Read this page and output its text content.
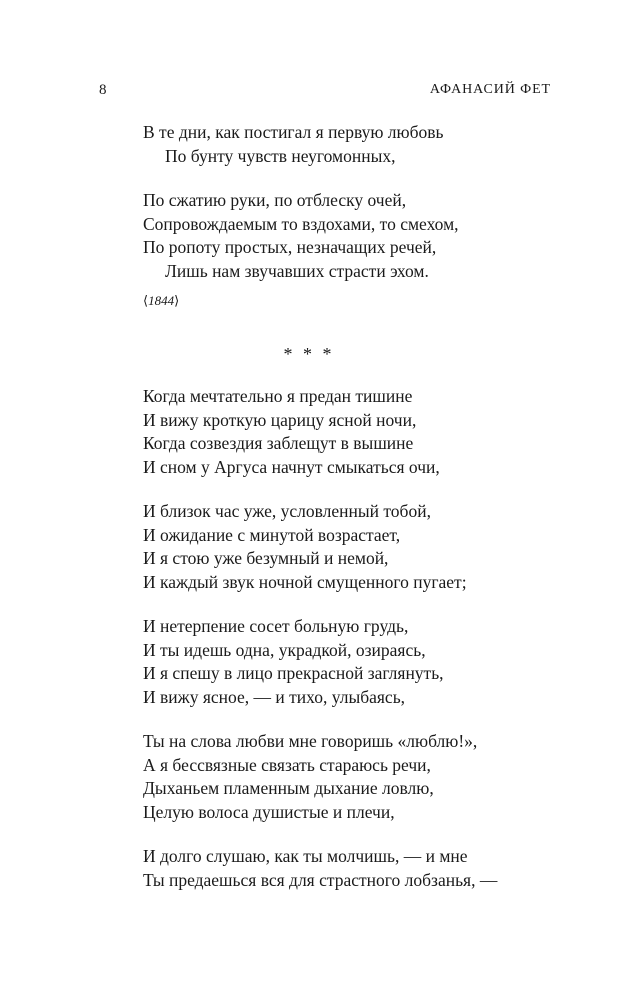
8	АФАНАСИЙ ФЕТ
В те дни, как постигал я первую любовь
По бунту чувств неугомонных,
По сжатию руки, по отблеску очей,
Сопровождаемым то вздохами, то смехом,
По ропоту простых, незначащих речей,
Лишь нам звучавших страсти эхом.
⟨1844⟩
* * *
Когда мечтательно я предан тишине
И вижу кроткую царицу ясной ночи,
Когда созвездия заблещут в вышине
И сном у Аргуса начнут смыкаться очи,
И близок час уже, условленный тобой,
И ожидание с минутой возрастает,
И я стою уже безумный и немой,
И каждый звук ночной смущенного пугает;
И нетерпение сосет больную грудь,
И ты идешь одна, украдкой, озираясь,
И я спешу в лицо прекрасной заглянуть,
И вижу ясное, — и тихо, улыбаясь,
Ты на слова любви мне говоришь «люблю!»,
А я бессвязные связать стараюсь речи,
Дыханьем пламенным дыхание ловлю,
Целую волоса душистые и плечи,
И долго слушаю, как ты молчишь, — и мне
Ты предаешься вся для страстного лобзанья, —
